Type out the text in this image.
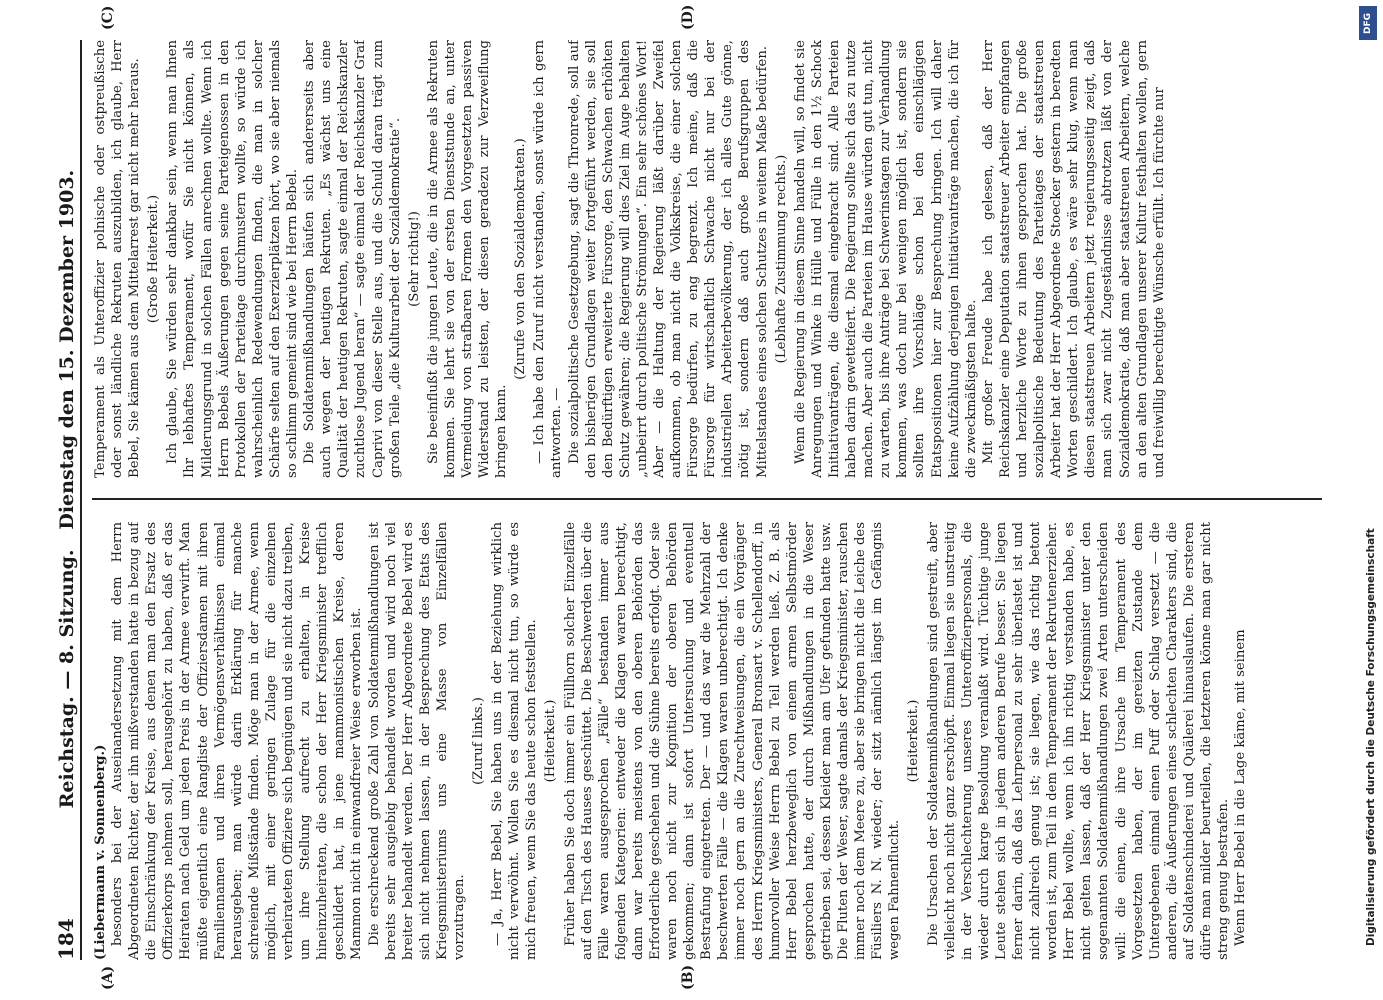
DFG
Digitalisierung gefördert durch die Deutsche Forschungsgemeinschaft
184
Reichstag. — 8. Sitzung.   Dienstag den 15. Dezember 1903.
(A)	(B)
(C)	(D)

(Liebermann v. Sonnenberg.) besonders bei der Auseinandersetzung mit dem Herrn Abgeordneten Richter, der ihn mißverstanden hatte in bezug auf die Einschränkung der Kreise, aus denen man den Ersatz des Offizierkorps nehmen soll, herausgehört zu haben, daß er das Heiraten nach Geld um jeden Preis in der Armee verwirft. Man müßte eigentlich eine Rangliste der Offiziersdamen mit ihren Familiennamen und ihren Vermögensverhältnissen einmal herausgeben; man würde darin Erklärung für manche schreiende Mißstände finden. Möge man in der Armee, wenn möglich, mit einer geringen Zulage für die einzelnen verheirateten Offiziere sich begnügen und sie nicht dazu treiben, um ihre Stellung aufrecht zu erhalten, in Kreise hineinzuheiraten, die schon der Herr Kriegsminister trefflich geschildert hat, in jene mammonistischen Kreise, deren Mammon nicht in einwandfreier Weise erworben ist. Die erschreckend große Zahl von Soldatenmißhandlungen ist bereits sehr ausgiebig behandelt worden und wird noch viel breiter behandelt werden. Der Herr Abgeordnete Bebel wird es sich nicht nehmen lassen, in der Besprechung des Etats des Kriegsministeriums uns eine Masse von Einzelfällen vorzutragen.

(Zuruf links.) — Ja, Herr Bebel, Sie haben uns in der Beziehung wirklich nicht verwöhnt. Wollen Sie es diesmal nicht tun, so würde es mich freuen, wenn Sie das heute schon feststellen. (Heiterkeit.) Früher haben Sie doch immer ein Füllhorn solcher Einzelfälle auf den Tisch des Hauses geschüttet. Die Beschwerden über die Fälle waren ausgesprochen „Fälle“ bestanden immer aus folgenden Kategorien: entweder die Klagen waren berechtigt, dann war bereits meistens von den oberen Behörden das Erforderliche geschehen und die Sühne bereits erfolgt. Oder sie waren noch nicht zur Kognition der oberen Behörden gekommen; dann ist sofort Untersuchung und eventuell Bestrafung eingetreten. Der — und das war die Mehrzahl der beschwerten Fälle — die Klagen waren unberechtigt. Ich denke immer noch gern an die Zurechtweisungen, die ein Vorgänger des Herrn Kriegsministers, General Bronsart v. Schellendorff, in humorvoller Weise Herrn Bebel zu Teil werden ließ. Z. B. als Herr Bebel herzbeweglich von einem armen Selbstmörder gesprochen hatte, der durch Mißhandlungen in die Weser getrieben sei, dessen Kleider man am Ufer gefunden hatte usw. Die Fluten der Weser, sagte damals der Kriegsminister, rauschen immer noch dem Meere zu, aber sie bringen nicht die Leiche des Füsiliers N. N. wieder; der sitzt nämlich längst im Gefängnis wegen Fahnenflucht.

(Heiterkeit.) Die Ursachen der Soldatenmißhandlungen sind gestreift, aber vielleicht noch nicht ganz erschöpft. Einmal liegen sie unstreitig in der Verschlechterung unseres Unteroffizierpersonals, die wieder durch karge Besoldung veranlaßt wird. Tüchtige junge Leute stehen sich in jedem anderen Berufe besser. Sie liegen ferner darin, daß das Lehrpersonal zu sehr überlastet ist und nicht zahlreich genug ist; sie liegen, wie das richtig betont worden ist, zum Teil in dem Temperament der Rekrutenerzieher. Herr Bebel wollte, wenn ich ihn richtig verstanden habe, es nicht gelten lassen, daß der Herr Kriegsminister unter den sogenannten Soldatenmißhandlungen zwei Arten unterscheiden will: die einen, die ihre Ursache im Temperament des Vorgesetzten haben, der im gereizten Zustande dem Untergebenen einmal einen Puff oder Schlag versetzt — die anderen, die Äußerungen eines schlechten Charakters sind, die auf Soldatenschinderei und Quälerei hinauslaufen. Die ersteren dürfe man milder beurteilen, die letzteren könne man gar nicht streng genug bestrafen. Wenn Herr Bebel in die Lage käme, mit seinem

Temperament als Unteroffizier polnische oder ostpreußische oder sonst ländliche Rekruten auszubilden, ich glaube, Herr Bebel, Sie kämen aus dem Mittelarrest gar nicht mehr heraus. (Große Heiterkeit.) Ich glaube, Sie würden sehr dankbar sein, wenn man Ihnen Ihr lebhaftes Temperament, wofür Sie nicht können, als Milderungsgrund in solchen Fällen anrechnen wollte. Wenn ich Herrn Bebels Äußerungen gegen seine Parteigenossen in den Protokollen der Parteitage durchmustern wollte, so würde ich wahrscheinlich Redewendungen finden, die man in solcher Schärfe selten auf den Exerzierplätzen hört, wo sie aber niemals so schlimm gemeint sind wie bei Herrn Bebel. Die Soldatenmißhandlungen häufen sich andererseits aber auch wegen der heutigen Rekruten. „Es wächst uns eine Qualität der heutigen Rekruten, sagte einmal der Reichskanzler zuchtlose Jugend heran“ — sagte einmal der Reichskanzler Graf Caprivi von dieser Stelle aus, und die Schuld daran trägt zum großen Teile „die Kulturarbeit der Sozialdemokratie“. (Sehr richtig!) Sie beeinflußt die jungen Leute, die in die Armee als Rekruten kommen. Sie lehrt sie von der ersten Dienststunde an, unter Vermeidung von strafbaren Formen den Vorgesetzten passiven Widerstand zu leisten, der diesen geradezu zur Verzweiflung bringen kann.

(Zurufe von den Sozialdemokraten.) — Ich habe den Zuruf nicht verstanden, sonst würde ich gern antworten. — Die sozialpolitische Gesetzgebung, sagt die Thronrede, soll auf den bisherigen Grundlagen weiter fortgeführt werden, sie soll den Bedürftigen erweiterte Fürsorge, den Schwachen erhöhten Schutz gewähren; die Regierung will dies Ziel im Auge behalten „unbeirrt durch politische Strömungen“. Ein sehr schönes Wort! Aber — die Haltung der Regierung läßt darüber Zweifel aufkommen, ob man nicht die Volkskreise, die einer solchen Fürsorge bedürfen, zu eng begrenzt. Ich meine, daß die Fürsorge für wirtschaftlich Schwache nicht nur bei der industriellen Arbeiterbevölkerung, der ich alles Gute gönne, nötig ist, sondern daß auch große Berufsgruppen des Mittelstandes eines solchen Schutzes in weitem Maße bedürfen. (Lebhafte Zustimmung rechts.) Wenn die Regierung in diesem Sinne handeln will, so findet sie Anregungen und Winke in Hülle und Fülle in den 1½ Schock Initiativanträgen, die diesmal eingebracht sind. Alle Parteien haben darin gewetteifert. Die Regierung sollte sich das zu nutze machen. Aber auch die Parteien im Hause würden gut tun, nicht zu warten, bis ihre Anträge bei Schwerinstagen zur Verhandlung kommen, was doch nur bei wenigen möglich ist, sondern sie sollten ihre Vorschläge schon bei den einschlägigen Etatspositionen hier zur Besprechung bringen. Ich will daher keine Aufzählung derjenigen Initiativanträge machen, die ich für die zweckmäßigsten halte. Mit großer Freude habe ich gelesen, daß der Herr Reichskanzler eine Deputation staatstreuer Arbeiter empfangen und herzliche Worte zu ihnen gesprochen hat. Die große sozialpolitische Bedeutung des Parteitages der staatstreuen Arbeiter hat der Herr Abgeordnete Stoecker gestern in beredten Worten geschildert. Ich glaube, es wäre sehr klug, wenn man diesen staatstreuen Arbeitern jetzt regierungsseitig zeigt, daß man sich zwar nicht Zugeständnisse abtrotzen läßt von der Sozialdemokratie, daß man aber staatstreuen Arbeitern, welche an den alten Grundlagen unserer Kultur festhalten wollen, gern und freiwillig berechtigte Wünsche erfüllt. Ich fürchte nur
